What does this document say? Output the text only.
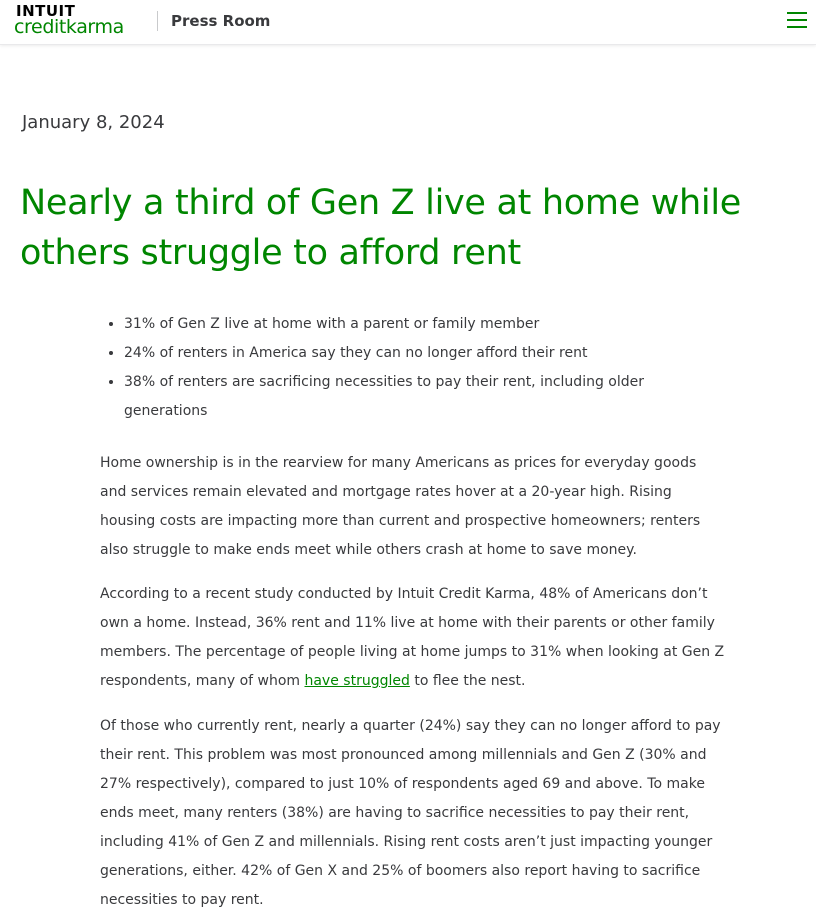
INTUIT
creditkarma	Press Room
January 8, 2024
Nearly a third of Gen Z live at home while others struggle to afford rent
• 31% of Gen Z live at home with a parent or family member
• 24% of renters in America say they can no longer afford their rent
• 38% of renters are sacrificing necessities to pay their rent, including older generations

Home ownership is in the rearview for many Americans as prices for everyday goods and services remain elevated and mortgage rates hover at a 20-year high. Rising housing costs are impacting more than current and prospective homeowners; renters also struggle to make ends meet while others crash at home to save money.

According to a recent study conducted by Intuit Credit Karma, 48% of Americans don’t own a home. Instead, 36% rent and 11% live at home with their parents or other family members. The percentage of people living at home jumps to 31% when looking at Gen Z respondents, many of whom have struggled to flee the nest.

Of those who currently rent, nearly a quarter (24%) say they can no longer afford to pay their rent. This problem was most pronounced among millennials and Gen Z (30% and 27% respectively), compared to just 10% of respondents aged 69 and above. To make ends meet, many renters (38%) are having to sacrifice necessities to pay their rent, including 41% of Gen Z and millennials. Rising rent costs aren’t just impacting younger generations, either. 42% of Gen X and 25% of boomers also report having to sacrifice necessities to pay rent.
